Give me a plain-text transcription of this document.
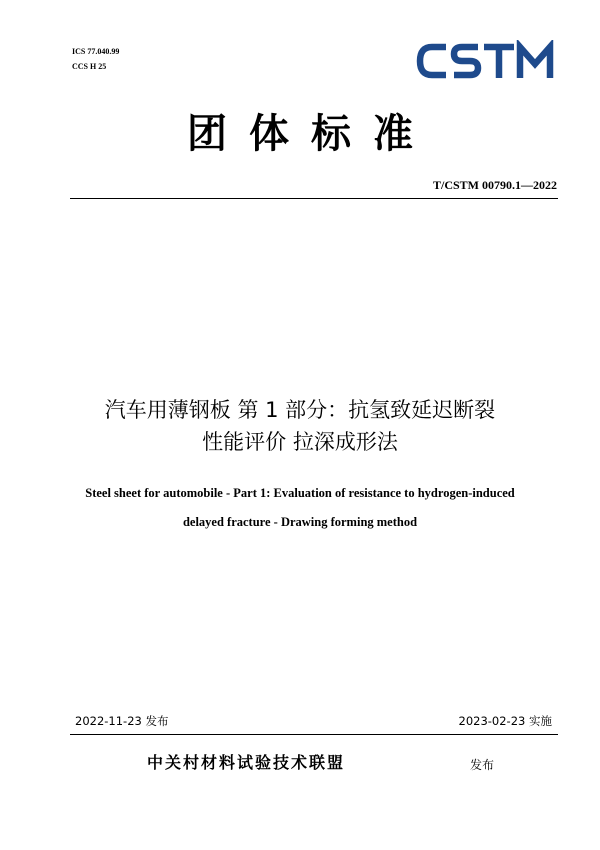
ICS 77.040.99
CCS H 25
团体标准
T/CSTM 00790.1—2022
汽车用薄钢板 第 1 部分：抗氢致延迟断裂
性能评价 拉深成形法
Steel sheet for automobile - Part 1: Evaluation of resistance to hydrogen-induced
delayed fracture - Drawing forming method
2022-11-23 发布	2023-02-23 实施
中关村材料试验技术联盟	发布
